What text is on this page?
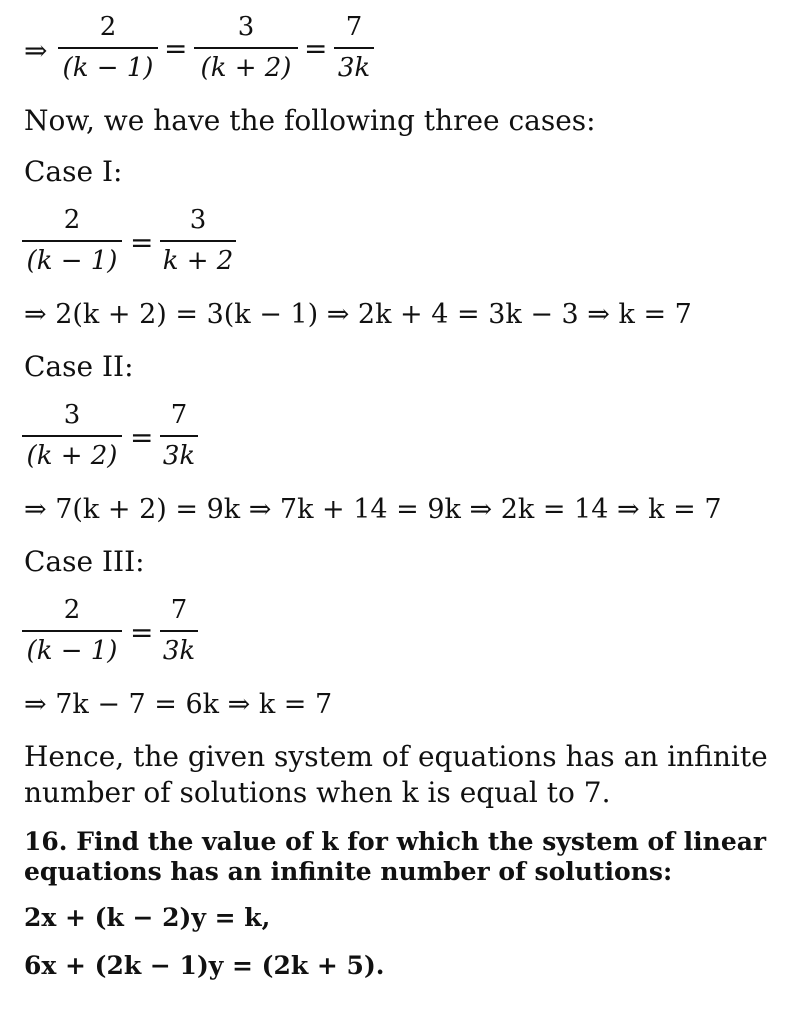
⇒
2
(k − 1)
=
3
(k + 2)
=
7
3k
Now, we have the following three cases:
Case I:
2
(k − 1)
=
3
k + 2
⇒ 2(k + 2) = 3(k − 1) ⇒ 2k + 4 = 3k − 3 ⇒ k = 7
Case II:
3
(k + 2)
=
7
3k
⇒ 7(k + 2) = 9k ⇒ 7k + 14 = 9k ⇒ 2k = 14 ⇒ k = 7
Case III:
2
(k − 1)
=
7
3k
⇒ 7k − 7 = 6k ⇒ k = 7
Hence, the given system of equations has an infinite
number of solutions when k is equal to 7.
16. Find the value of k for which the system of linear
equations has an infinite number of solutions:
2x + (k − 2)y = k,
6x + (2k − 1)y = (2k + 5).
